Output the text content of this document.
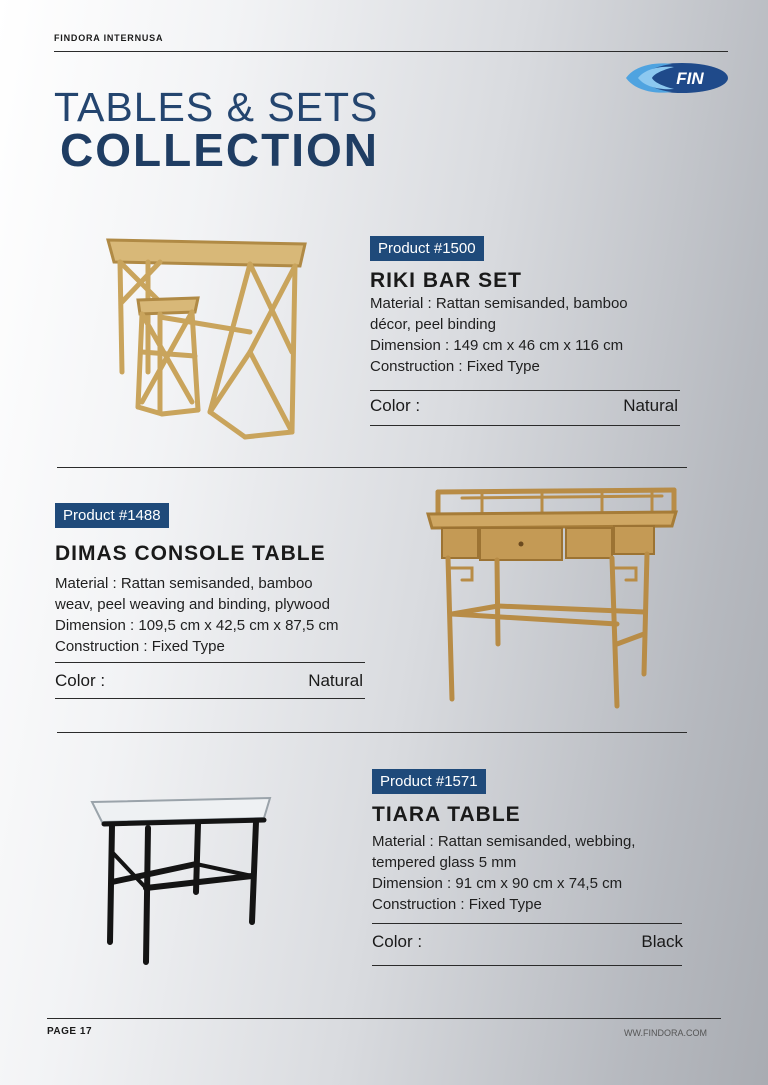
FINDORA INTERNUSA
FIN
TABLES & SETS
COLLECTION
Product #1500
RIKI BAR SET
Material : Rattan semisanded, bamboo
décor, peel binding
Dimension : 149 cm x 46 cm x 116 cm
Construction : Fixed Type
Color :	Natural
Product #1488
DIMAS CONSOLE TABLE
Material : Rattan semisanded, bamboo
weav, peel weaving and binding, plywood
Dimension : 109,5 cm x 42,5 cm x 87,5 cm
Construction : Fixed Type
Color :	Natural
Product #1571
TIARA TABLE
Material : Rattan semisanded, webbing,
tempered glass 5 mm
Dimension : 91 cm x 90 cm x 74,5 cm
Construction : Fixed Type
Color :	Black
PAGE 17	WW.FINDORA.COM
